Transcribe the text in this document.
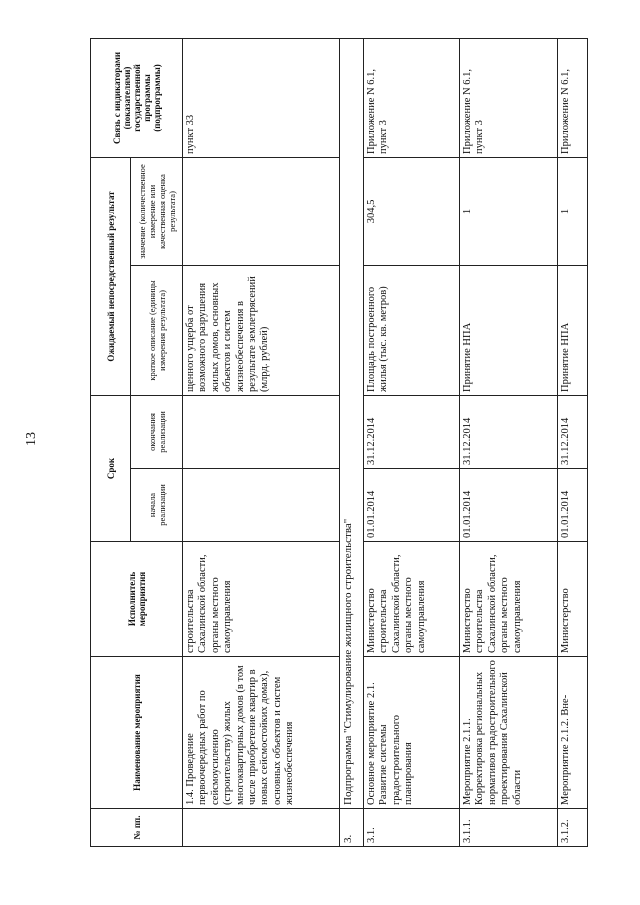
13
№ пп.	Наименование мероприятия	Исполнитель мероприятия	Срок		Ожидаемый непосредственный результат		Связь с индикаторами (показателями) государственной программы (подпрограммы)
			начала реализации	окончания реализации	краткое описание (единицы измерения результата)	значение (количественное измерение или качественная оценка результата)	
	1.4. Проведение первоочередных работ по сейсмоусилению (строительству) жилых многоквартирных домов (в том числе приобретение квартир в новых сейсмостойких домах), основных объектов и систем жизнеобеспечения	строительства Сахалинской области, органы местного самоуправления			щенного ущерба от возможного разрушения жилых домов, основных объектов и систем жизнеобеспечения в результате землетрясений (млрд. рублей)		пункт 33
3.	Подпрограмма "Стимулирование жилищного строительства"						
3.1.	Основное мероприятие 2.1. Развитие системы градостроительного планирования	Министерство строительства Сахалинской области, органы местного самоуправления	01.01.2014	31.12.2014	Площадь построенного жилья (тыс. кв. метров)	304,5	Приложение N 6.1, пункт 3
3.1.1.	Мероприятие 2.1.1. Корректировка региональных нормативов градостроительного проектирования Сахалинской области	Министерство строительства Сахалинской области, органы местного самоуправления	01.01.2014	31.12.2014	Принятие НПА	1	Приложение N 6.1, пункт 3
3.1.2.	Мероприятие 2.1.2. Вне-	Министерство	01.01.2014	31.12.2014	Принятие НПА	1	Приложение N 6.1,
